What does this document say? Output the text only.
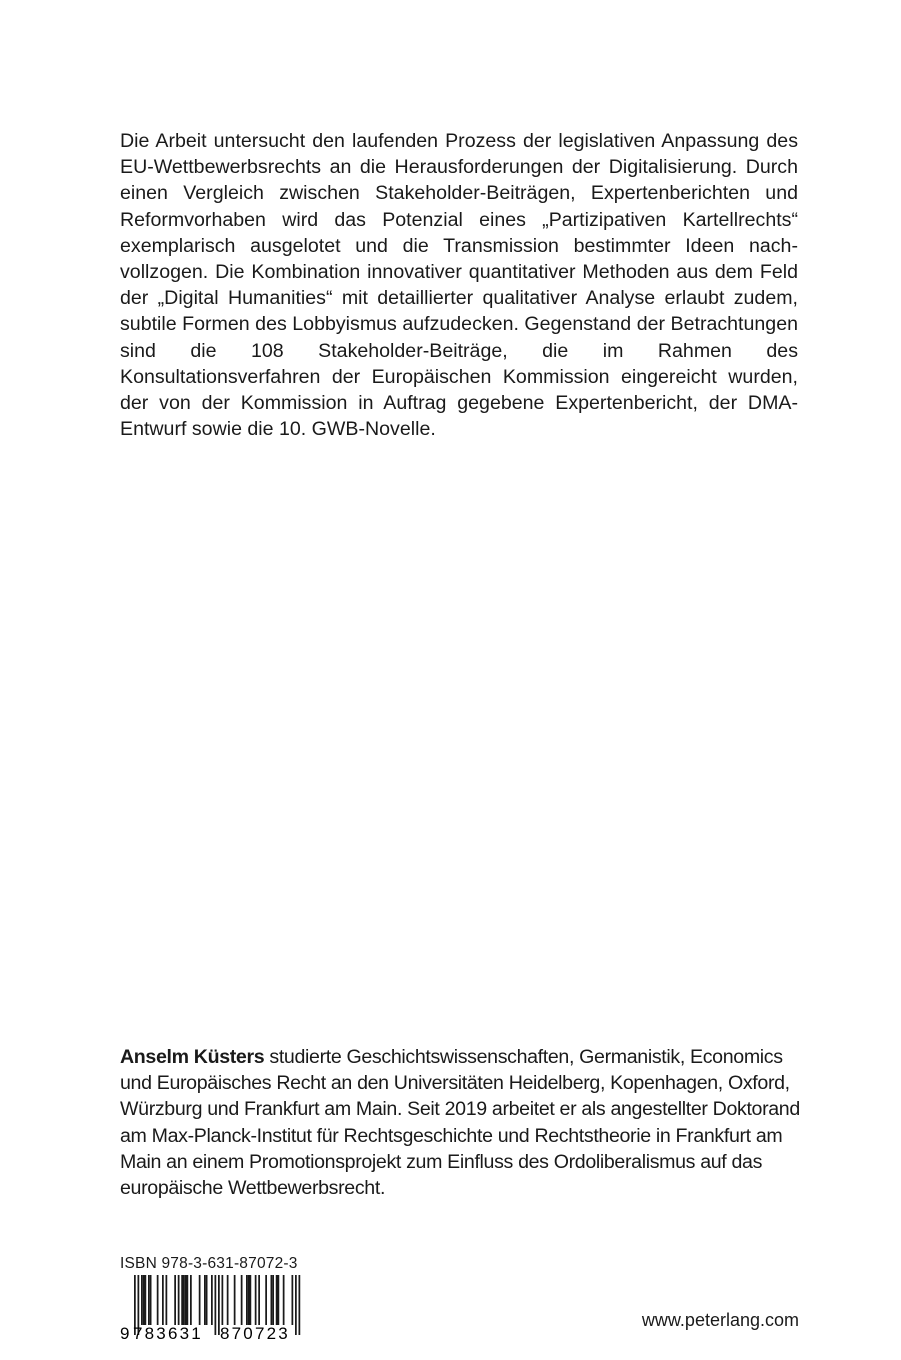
Die Arbeit untersucht den laufenden Prozess der legislativen Anpassung des EU-Wettbewerbsrechts an die Herausforderungen der Digitalisierung. Durch einen Vergleich zwischen Stakeholder-Beiträgen, Expertenberichten und Reformvorhaben wird das Potenzial eines „Partizipativen Kartellrechts“ exemplarisch ausgelotet und die Transmission bestimmter Ideen nachvollzogen. Die Kombination innovativer quantitativer Methoden aus dem Feld der „Digital Humanities“ mit detaillierter qualitativer Analyse erlaubt zudem, subtile Formen des Lobbyismus aufzudecken. Gegenstand der Betrachtungen sind die 108 Stakeholder-Beiträge, die im Rahmen des Konsultationsverfahren der Europäischen Kommission eingereicht wurden, der von der Kommission in Auftrag gegebene Expertenbericht, der DMA-Entwurf sowie die 10. GWB-Novelle.
Anselm Küsters studierte Geschichtswissenschaften, Germanistik, Economics und Europäisches Recht an den Universitäten Heidelberg, Kopenhagen, Oxford, Würzburg und Frankfurt am Main. Seit 2019 arbeitet er als angestellter Doktorand am Max-Planck-Institut für Rechtsgeschichte und Rechtstheorie in Frankfurt am Main an einem Promotionsprojekt zum Einfluss des Ordoliberalismus auf das europäische Wettbewerbsrecht.
ISBN 978-3-631-87072-3
9 783631 870723
www.peterlang.com
